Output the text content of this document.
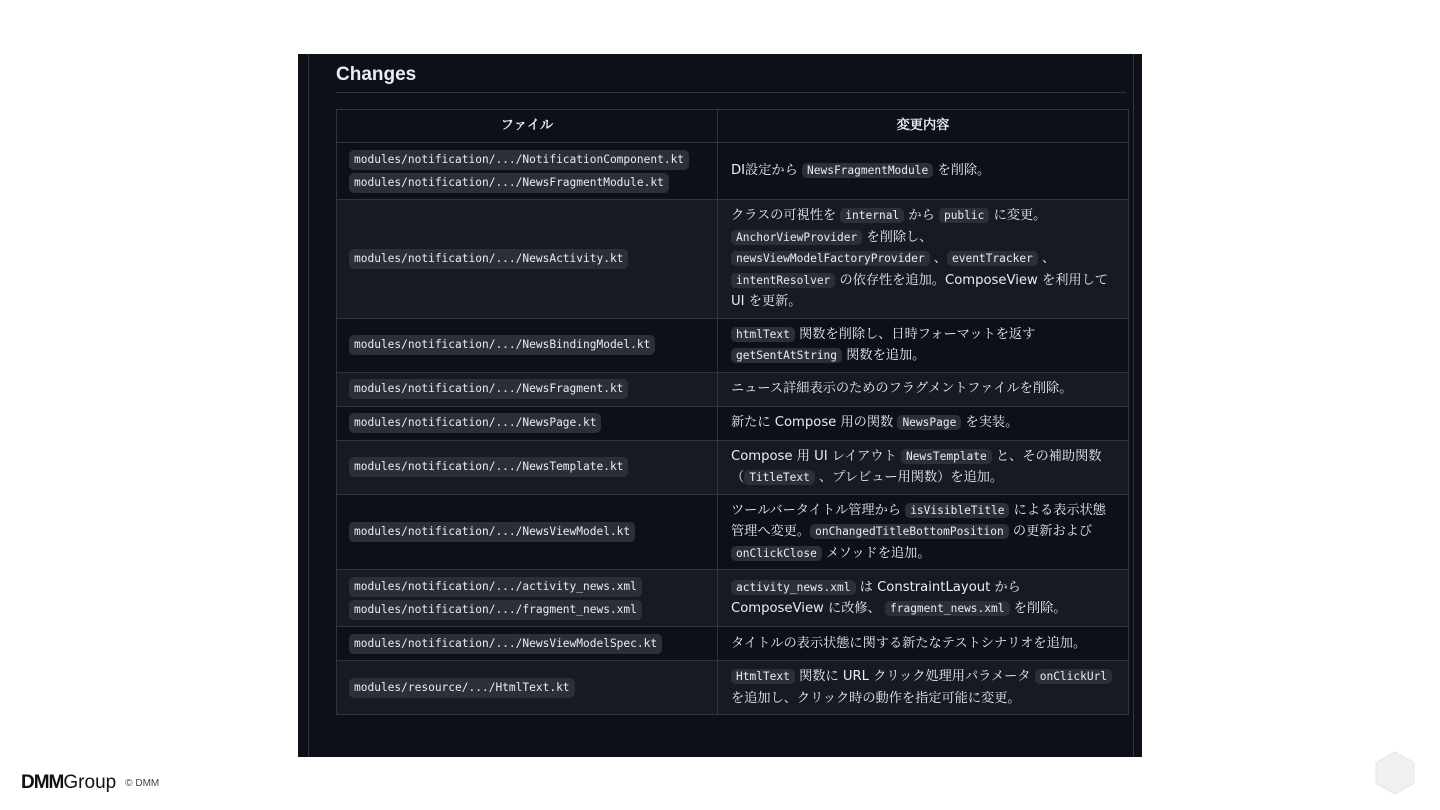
Changes
ファイル	変更内容

modules/notification/.../NotificationComponent.kt
modules/notification/.../NewsFragmentModule.kt	DI設定から NewsFragmentModule を削除。

modules/notification/.../NewsActivity.kt	クラスの可視性を internal から public に変更。AnchorViewProvider を削除し、newsViewModelFactoryProvider 、 eventTracker 、intentResolver の依存性を追加。ComposeView を利用して UI を更新。

modules/notification/.../NewsBindingModel.kt	htmlText 関数を削除し、日時フォーマットを返す getSentAtString 関数を追加。

modules/notification/.../NewsFragment.kt	ニュース詳細表示のためのフラグメントファイルを削除。

modules/notification/.../NewsPage.kt	新たに Compose 用の関数 NewsPage を実装。

modules/notification/.../NewsTemplate.kt	Compose 用 UI レイアウト NewsTemplate と、その補助関数（ TitleText 、プレビュー用関数）を追加。

modules/notification/.../NewsViewModel.kt	ツールバータイトル管理から isVisibleTitle による表示状態管理へ変更。 onChangedTitleBottomPosition の更新および onClickClose メソッドを追加。

modules/notification/.../activity_news.xml
modules/notification/.../fragment_news.xml	activity_news.xml は ConstraintLayout から ComposeView に改修、 fragment_news.xml を削除。

modules/notification/.../NewsViewModelSpec.kt	タイトルの表示状態に関する新たなテストシナリオを追加。

modules/resource/.../HtmlText.kt	HtmlText 関数に URL クリック処理用パラメータ onClickUrl を追加し、クリック時の動作を指定可能に変更。
DMM Group © DMM
